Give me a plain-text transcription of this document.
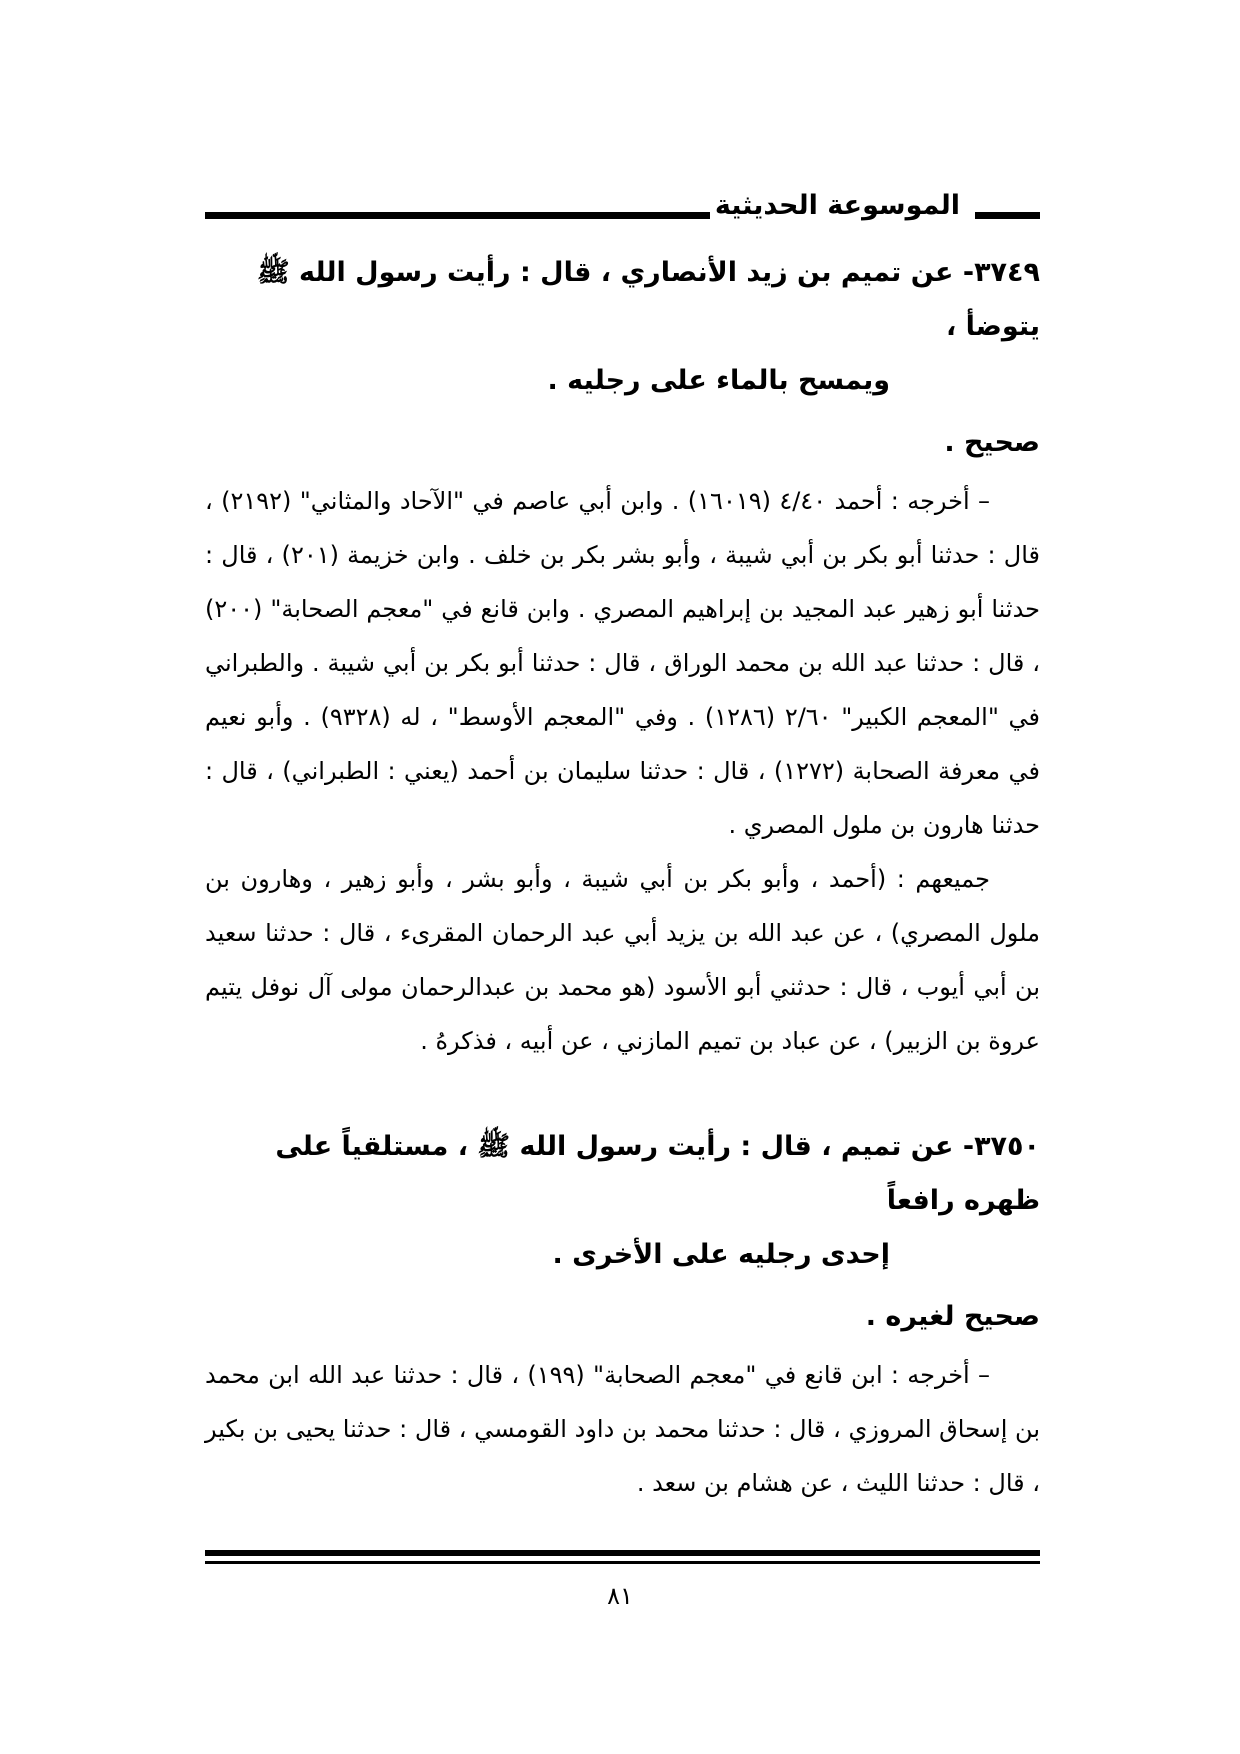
الموسوعة الحديثية

٣٧٤٩- عن تميم بن زيد الأنصاري ، قال : رأيت رسول الله ﷺ يتوضأ ،
ويمسح بالماء على رجليه .

صحيح .

– أخرجه : أحمد ٤/٤٠ (١٦٠١٩) . وابن أبي عاصم في "الآحاد والمثاني" (٢١٩٢) ، قال : حدثنا أبو بكر بن أبي شيبة ، وأبو بشر بكر بن خلف . وابن خزيمة (٢٠١) ، قال : حدثنا أبو زهير عبد المجيد بن إبراهيم المصري . وابن قانع في "معجم الصحابة" (٢٠٠) ، قال : حدثنا عبد الله بن محمد الوراق ، قال : حدثنا أبو بكر بن أبي شيبة . والطبراني في "المعجم الكبير" ٢/٦٠ (١٢٨٦) . وفي "المعجم الأوسط" ، له (٩٣٢٨) . وأبو نعيم في معرفة الصحابة (١٢٧٢) ، قال : حدثنا سليمان بن أحمد (يعني : الطبراني) ، قال : حدثنا هارون بن ملول المصري .

جميعهم : (أحمد ، وأبو بكر بن أبي شيبة ، وأبو بشر ، وأبو زهير ، وهارون بن ملول المصري) ، عن عبد الله بن يزيد أبي عبد الرحمان المقرىء ، قال : حدثنا سعيد بن أبي أيوب ، قال : حدثني أبو الأسود (هو محمد بن عبدالرحمان مولى آل نوفل يتيم عروة بن الزبير) ، عن عباد بن تميم المازني ، عن أبيه ، فذكرهُ .

٣٧٥٠- عن تميم ، قال : رأيت رسول الله ﷺ ، مستلقياً على ظهره رافعاً
إحدى رجليه على الأخرى .

صحيح لغيره .

– أخرجه : ابن قانع في "معجم الصحابة" (١٩٩) ، قال : حدثنا عبد الله ابن محمد بن إسحاق المروزي ، قال : حدثنا محمد بن داود القومسي ، قال : حدثنا يحيى بن بكير ، قال : حدثنا الليث ، عن هشام بن سعد .

٨١
